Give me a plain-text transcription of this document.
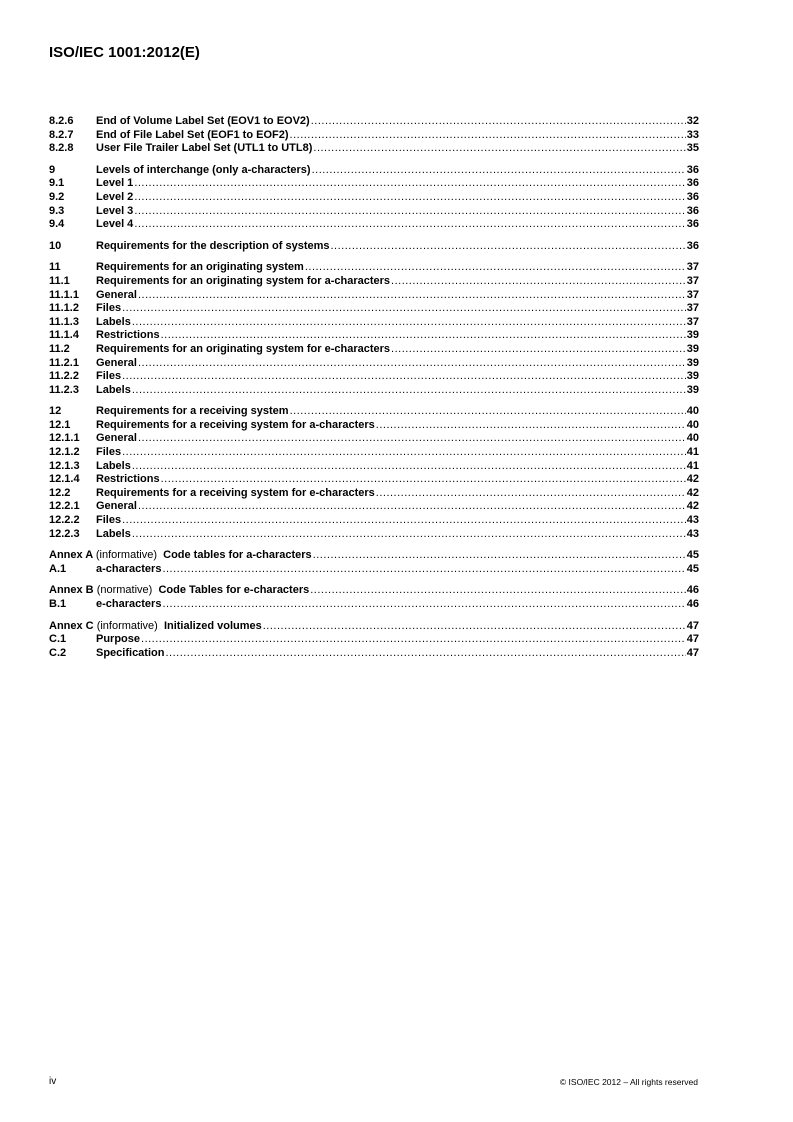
ISO/IEC 1001:2012(E)
8.2.6	End of Volume Label Set (EOV1 to EOV2) .....	32
8.2.7	End of File Label Set (EOF1 to EOF2) .....	33
8.2.8	User File Trailer Label Set (UTL1 to UTL8) .....	35
9	Levels of interchange (only a-characters) .....	36
9.1	Level 1 .....	36
9.2	Level 2 .....	36
9.3	Level 3 .....	36
9.4	Level 4 .....	36
10	Requirements for the description of systems .....	36
11	Requirements for an originating system .....	37
11.1	Requirements for an originating system for a-characters .....	37
11.1.1	General .....	37
11.1.2	Files .....	37
11.1.3	Labels .....	37
11.1.4	Restrictions .....	39
11.2	Requirements for an originating system for e-characters .....	39
11.2.1	General .....	39
11.2.2	Files .....	39
11.2.3	Labels .....	39
12	Requirements for a receiving system .....	40
12.1	Requirements for a receiving system for a-characters .....	40
12.1.1	General .....	40
12.1.2	Files .....	41
12.1.3	Labels .....	41
12.1.4	Restrictions .....	42
12.2	Requirements for a receiving system for e-characters .....	42
12.2.1	General .....	42
12.2.2	Files .....	43
12.2.3	Labels .....	43
Annex A (informative) Code tables for a-characters .....	45
A.1	a-characters .....	45
Annex B (normative) Code Tables for e-characters .....	46
B.1	e-characters .....	46
Annex C (informative) Initialized volumes .....	47
C.1	Purpose .....	47
C.2	Specification .....	47
iv	© ISO/IEC 2012 – All rights reserved
